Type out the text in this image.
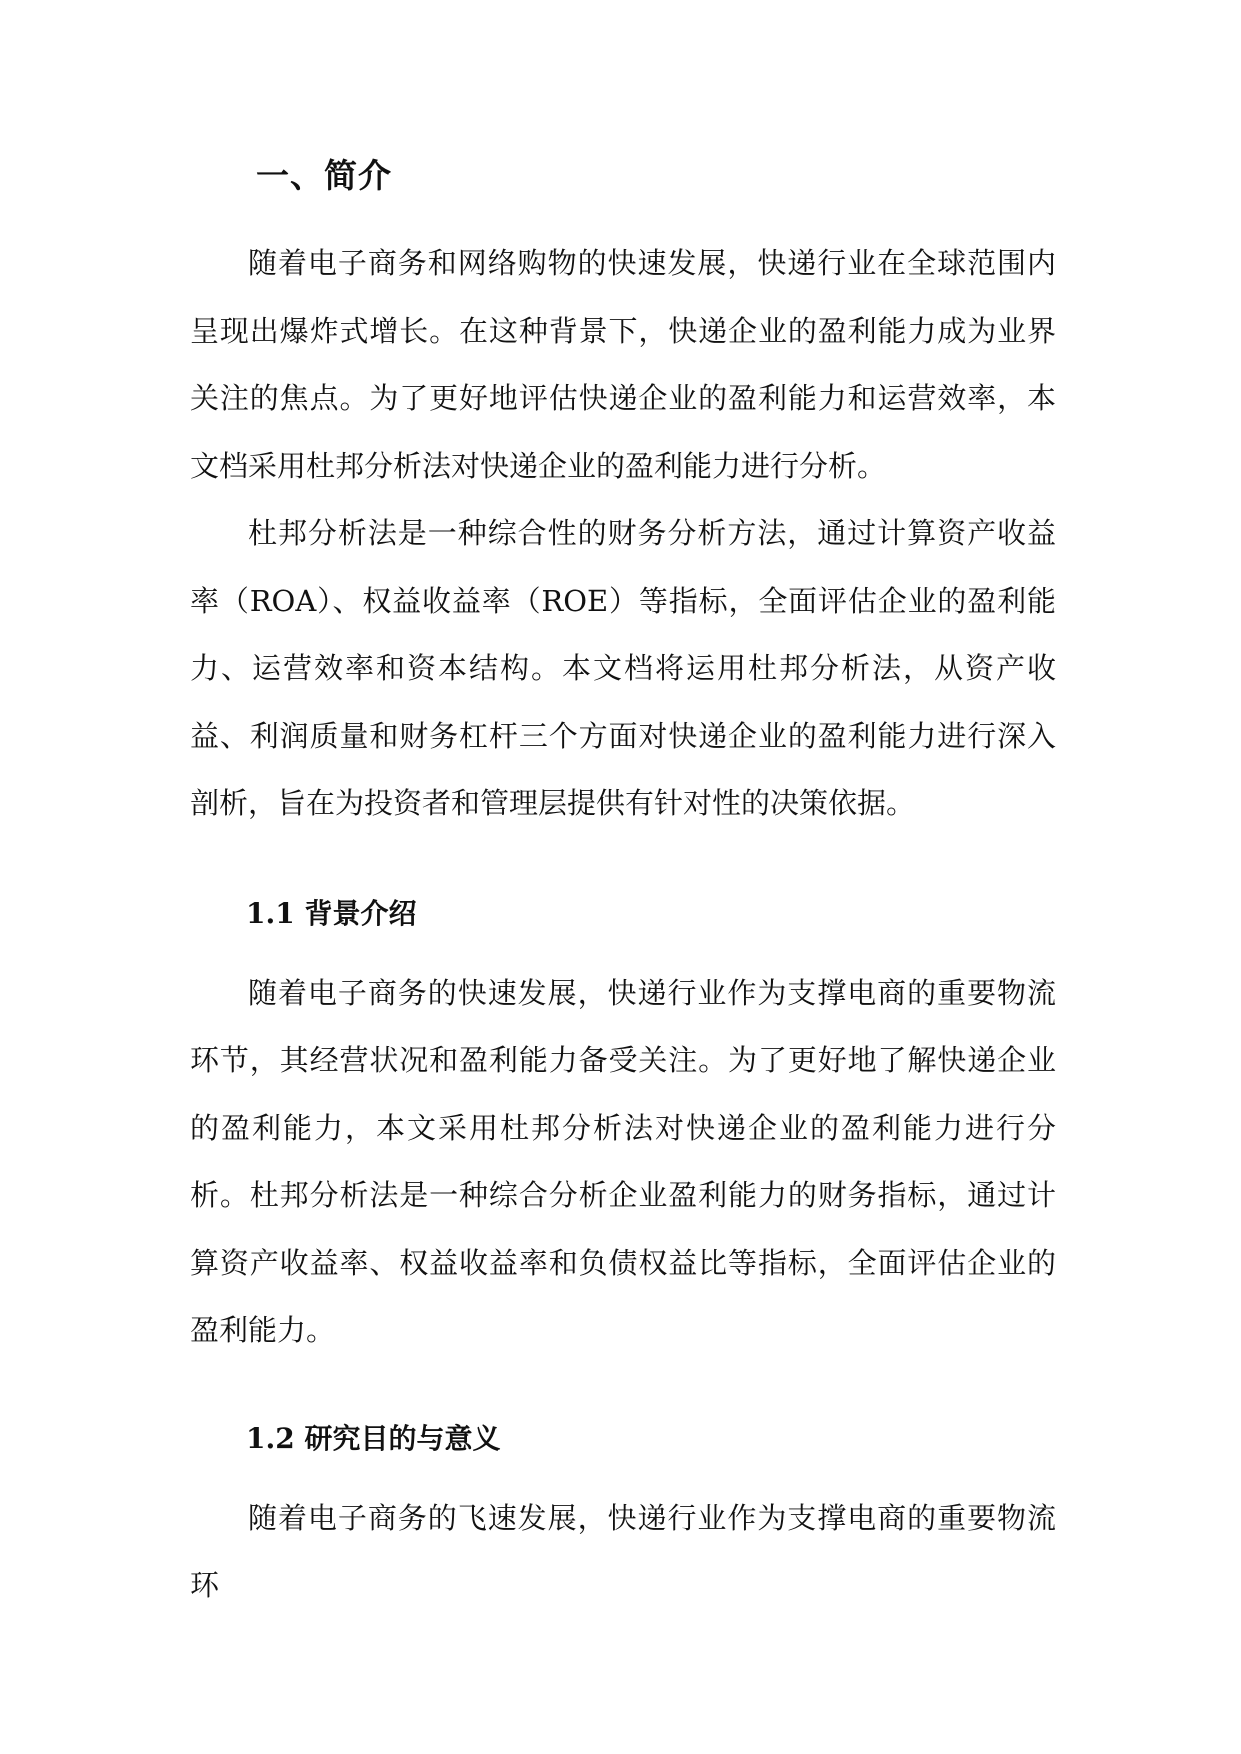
一、简介

随着电子商务和网络购物的快速发展，快递行业在全球范围内呈现出爆炸式增长。在这种背景下，快递企业的盈利能力成为业界关注的焦点。为了更好地评估快递企业的盈利能力和运营效率，本文档采用杜邦分析法对快递企业的盈利能力进行分析。

杜邦分析法是一种综合性的财务分析方法，通过计算资产收益率（ROA）、权益收益率（ROE）等指标，全面评估企业的盈利能力、运营效率和资本结构。本文档将运用杜邦分析法，从资产收益、利润质量和财务杠杆三个方面对快递企业的盈利能力进行深入剖析，旨在为投资者和管理层提供有针对性的决策依据。

1.1 背景介绍

随着电子商务的快速发展，快递行业作为支撑电商的重要物流环节，其经营状况和盈利能力备受关注。为了更好地了解快递企业的盈利能力，本文采用杜邦分析法对快递企业的盈利能力进行分析。杜邦分析法是一种综合分析企业盈利能力的财务指标，通过计算资产收益率、权益收益率和负债权益比等指标，全面评估企业的盈利能力。

1.2 研究目的与意义

随着电子商务的飞速发展，快递行业作为支撑电商的重要物流环
